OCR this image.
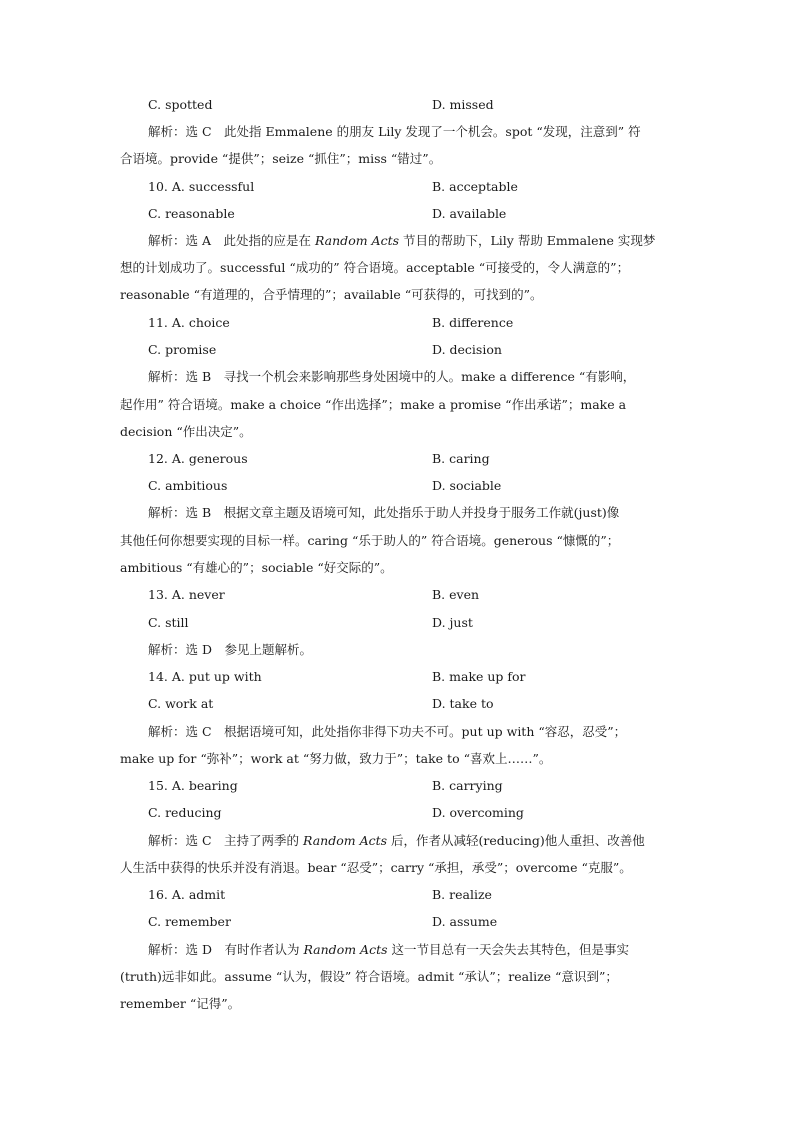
C. spotted	D. missed
解析：选 C　此处指 Emmalene 的朋友 Lily 发现了一个机会。spot “发现，注意到” 符
合语境。provide “提供”；seize “抓住”；miss “错过”。
10. A. successful	B. acceptable
C. reasonable	D. available
解析：选 A　此处指的应是在 Random Acts 节目的帮助下，Lily 帮助 Emmalene 实现梦
想的计划成功了。successful “成功的” 符合语境。acceptable “可接受的，令人满意的”；
reasonable “有道理的，合乎情理的”；available “可获得的，可找到的”。
11. A. choice	B. difference
C. promise	D. decision
解析：选 B　寻找一个机会来影响那些身处困境中的人。make a difference “有影响，
起作用” 符合语境。make a choice “作出选择”；make a promise “作出承诺”；make a
decision “作出决定”。
12. A. generous	B. caring
C. ambitious	D. sociable
解析：选 B　根据文章主题及语境可知，此处指乐于助人并投身于服务工作就(just)像
其他任何你想要实现的目标一样。caring “乐于助人的” 符合语境。generous “慷慨的”；
ambitious “有雄心的”；sociable “好交际的”。
13. A. never	B. even
C. still	D. just
解析：选 D　参见上题解析。
14. A. put up with	B. make up for
C. work at	D. take to
解析：选 C　根据语境可知，此处指你非得下功夫不可。put up with “容忍，忍受”；
make up for “弥补”；work at “努力做，致力于”；take to “喜欢上……”。
15. A. bearing	B. carrying
C. reducing	D. overcoming
解析：选 C　主持了两季的 Random Acts 后，作者从减轻(reducing)他人重担、改善他
人生活中获得的快乐并没有消退。bear “忍受”；carry “承担，承受”；overcome “克服”。
16. A. admit	B. realize
C. remember	D. assume
解析：选 D　有时作者认为 Random Acts 这一节目总有一天会失去其特色，但是事实
(truth)远非如此。assume “认为，假设” 符合语境。admit “承认”；realize “意识到”；
remember “记得”。
